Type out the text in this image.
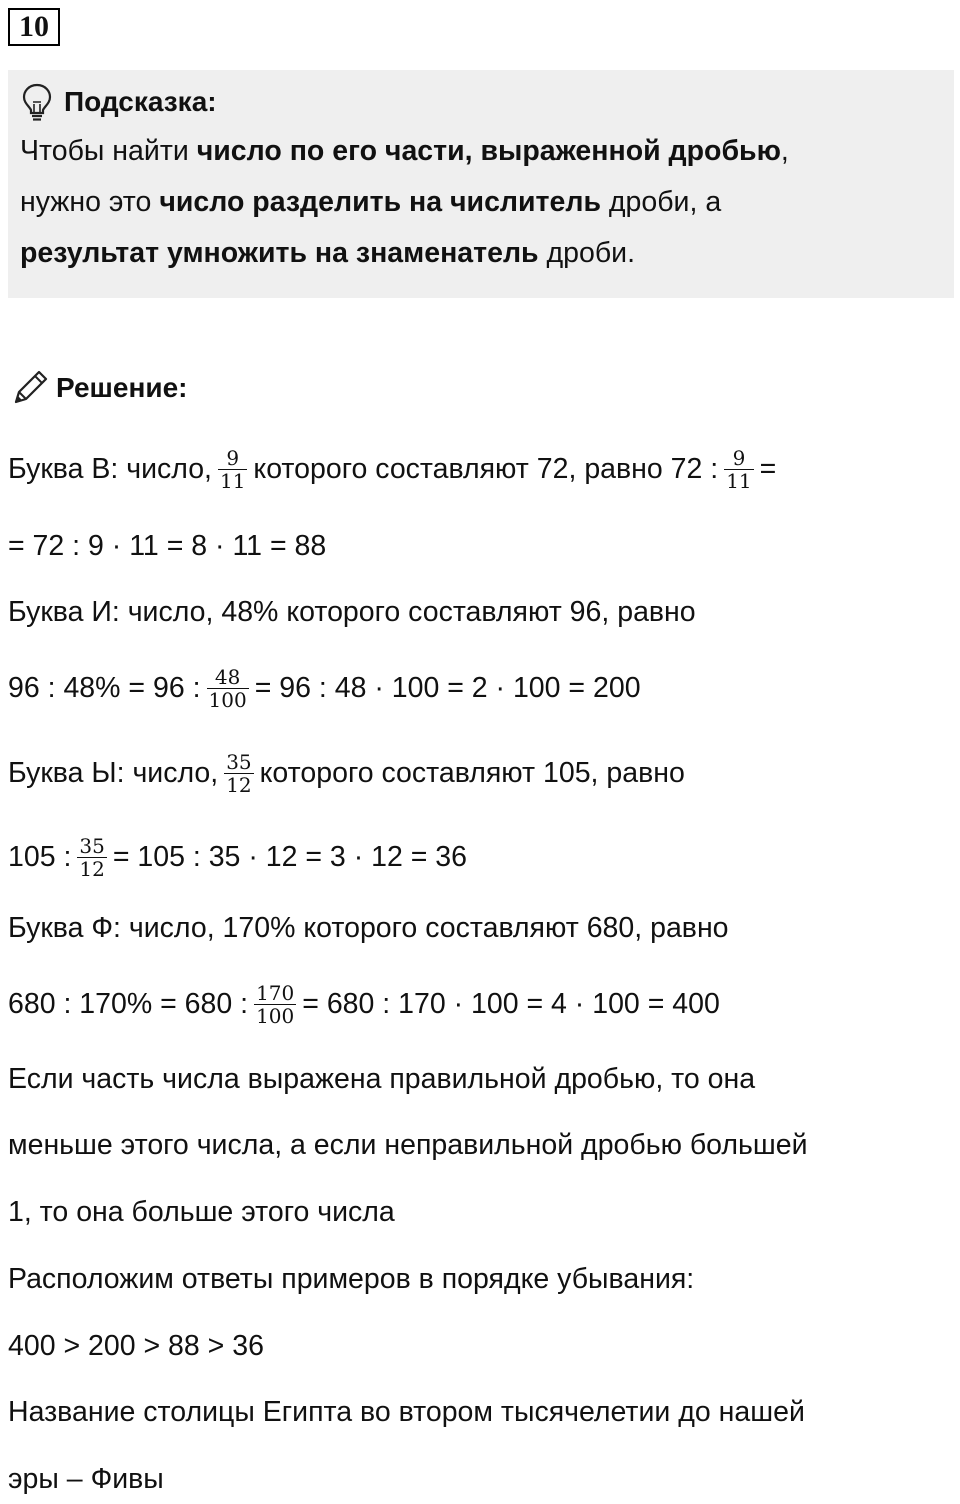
10
Подсказка:
Чтобы найти число по его части, выраженной дробью,
нужно это число разделить на числитель дроби, а
результат умножить на знаменатель дроби.
Решение:
Буква В: число, $\frac{9}{11}$ которого составляют 72, равно 72 : $\frac{9}{11}$ =
= 72 : 9 · 11 = 8 · 11 = 88
Буква И: число, 48% которого составляют 96, равно
96 : 48% = 96 : $\frac{48}{100} = 96$ : 48 · 100 = 2 · 100 = 200
Буква Ы: число, $\frac{35}{12}$ которого составляют 105, равно
105 : $\frac{35}{12} = 105$ : 35 · 12 = 3 · 12 = 36
Буква Ф: число, 170% которого составляют 680, равно
680 : 170% = 680 : $\frac{170}{100} = 680$ : 170 · 100 = 4 · 100 = 400
Если часть числа выражена правильной дробью, то она
меньше этого числа, а если неправильной дробью большей
1, то она больше этого числа
Расположим ответы примеров в порядке убывания:
400 > 200 > 88 > 36
Название столицы Египта во втором тысячелетии до нашей
эры – Фивы
